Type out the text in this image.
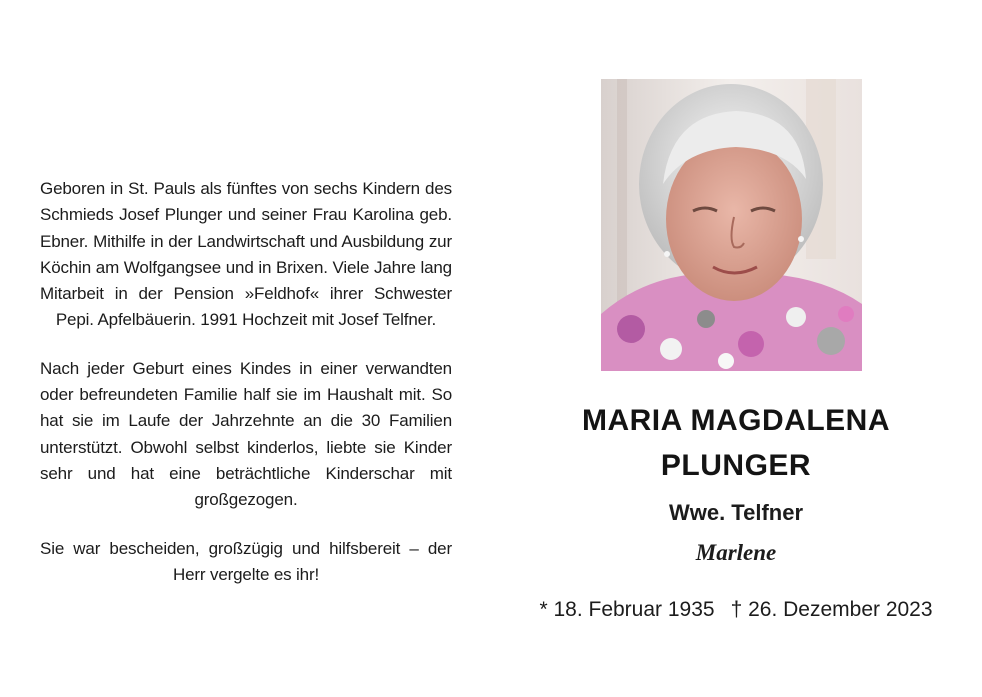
Geboren in St. Pauls als fünftes von sechs Kindern des Schmieds Josef Plunger und seiner Frau Karolina geb. Ebner. Mithilfe in der Landwirtschaft und Ausbildung zur Köchin am Wolfgangsee und in Brixen. Viele Jahre lang Mitarbeit in der Pension »Feldhof« ihrer Schwester Pepi. Apfelbäuerin. 1991 Hochzeit mit Josef Telfner.

Nach jeder Geburt eines Kindes in einer verwandten oder befreundeten Familie half sie im Haushalt mit. So hat sie im Laufe der Jahrzehnte an die 30 Familien unterstützt. Obwohl selbst kinderlos, liebte sie Kinder sehr und hat eine beträchtliche Kinderschar mit großgezogen.

Sie war bescheiden, großzügig und hilfsbereit – der Herr vergelte es ihr!

MARIA MAGDALENA
PLUNGER
Wwe. Telfner
Marlene
* 18. Februar 1935 † 26. Dezember 2023
